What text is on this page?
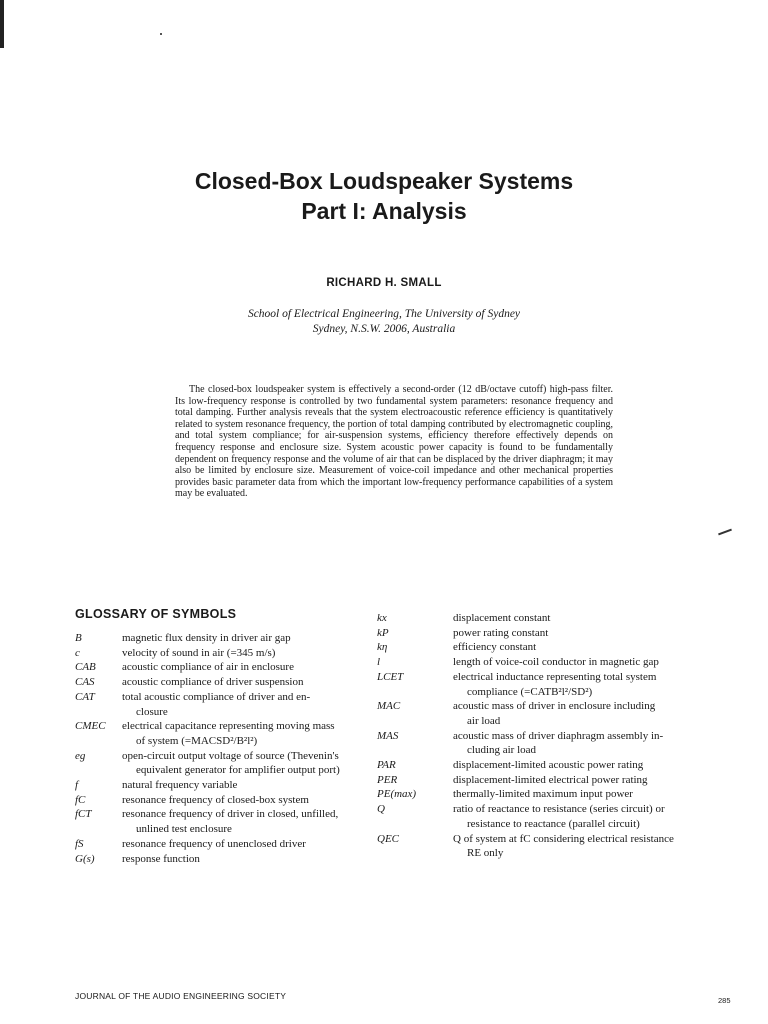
Closed-Box Loudspeaker Systems
Part I: Analysis
RICHARD H. SMALL
School of Electrical Engineering, The University of Sydney
Sydney, N.S.W. 2006, Australia
The closed-box loudspeaker system is effectively a second-order (12 dB/octave cutoff) high-pass filter. Its low-frequency response is controlled by two fundamental system parameters: resonance frequency and total damping. Further analysis reveals that the system electroacoustic reference efficiency is quantitatively related to system resonance frequency, the portion of total damping contributed by electromagnetic coupling, and total system compliance; for air-suspension systems, efficiency therefore effectively depends on frequency response and enclosure size. System acoustic power capacity is found to be fundamentally dependent on frequency response and the volume of air that can be displaced by the driver diaphragm; it may also be limited by enclosure size. Measurement of voice-coil impedance and other mechanical properties provides basic parameter data from which the important low-frequency performance capabilities of a system may be evaluated.
GLOSSARY OF SYMBOLS
B	magnetic flux density in driver air gap
c	velocity of sound in air (=345 m/s)
CAB	acoustic compliance of air in enclosure
CAS	acoustic compliance of driver suspension
CAT	total acoustic compliance of driver and en-
closure
CMEC	electrical capacitance representing moving mass
of system (=MACSD²/B²l²)
eg	open-circuit output voltage of source (Thevenin's
equivalent generator for amplifier output port)
f	natural frequency variable
fC	resonance frequency of closed-box system
fCT	resonance frequency of driver in closed, unfilled,
unlined test enclosure
fS	resonance frequency of unenclosed driver
G(s)	response function
kx	displacement constant
kP	power rating constant
kη	efficiency constant
l	length of voice-coil conductor in magnetic gap
LCET	electrical inductance representing total system
compliance (=CATB²l²/SD²)
MAC	acoustic mass of driver in enclosure including
air load
MAS	acoustic mass of driver diaphragm assembly in-
cluding air load
PAR	displacement-limited acoustic power rating
PER	displacement-limited electrical power rating
PE(max)	thermally-limited maximum input power
Q	ratio of reactance to resistance (series circuit) or
resistance to reactance (parallel circuit)
QEC	Q of system at fC considering electrical resistance
RE only
JOURNAL OF THE AUDIO ENGINEERING SOCIETY	285
